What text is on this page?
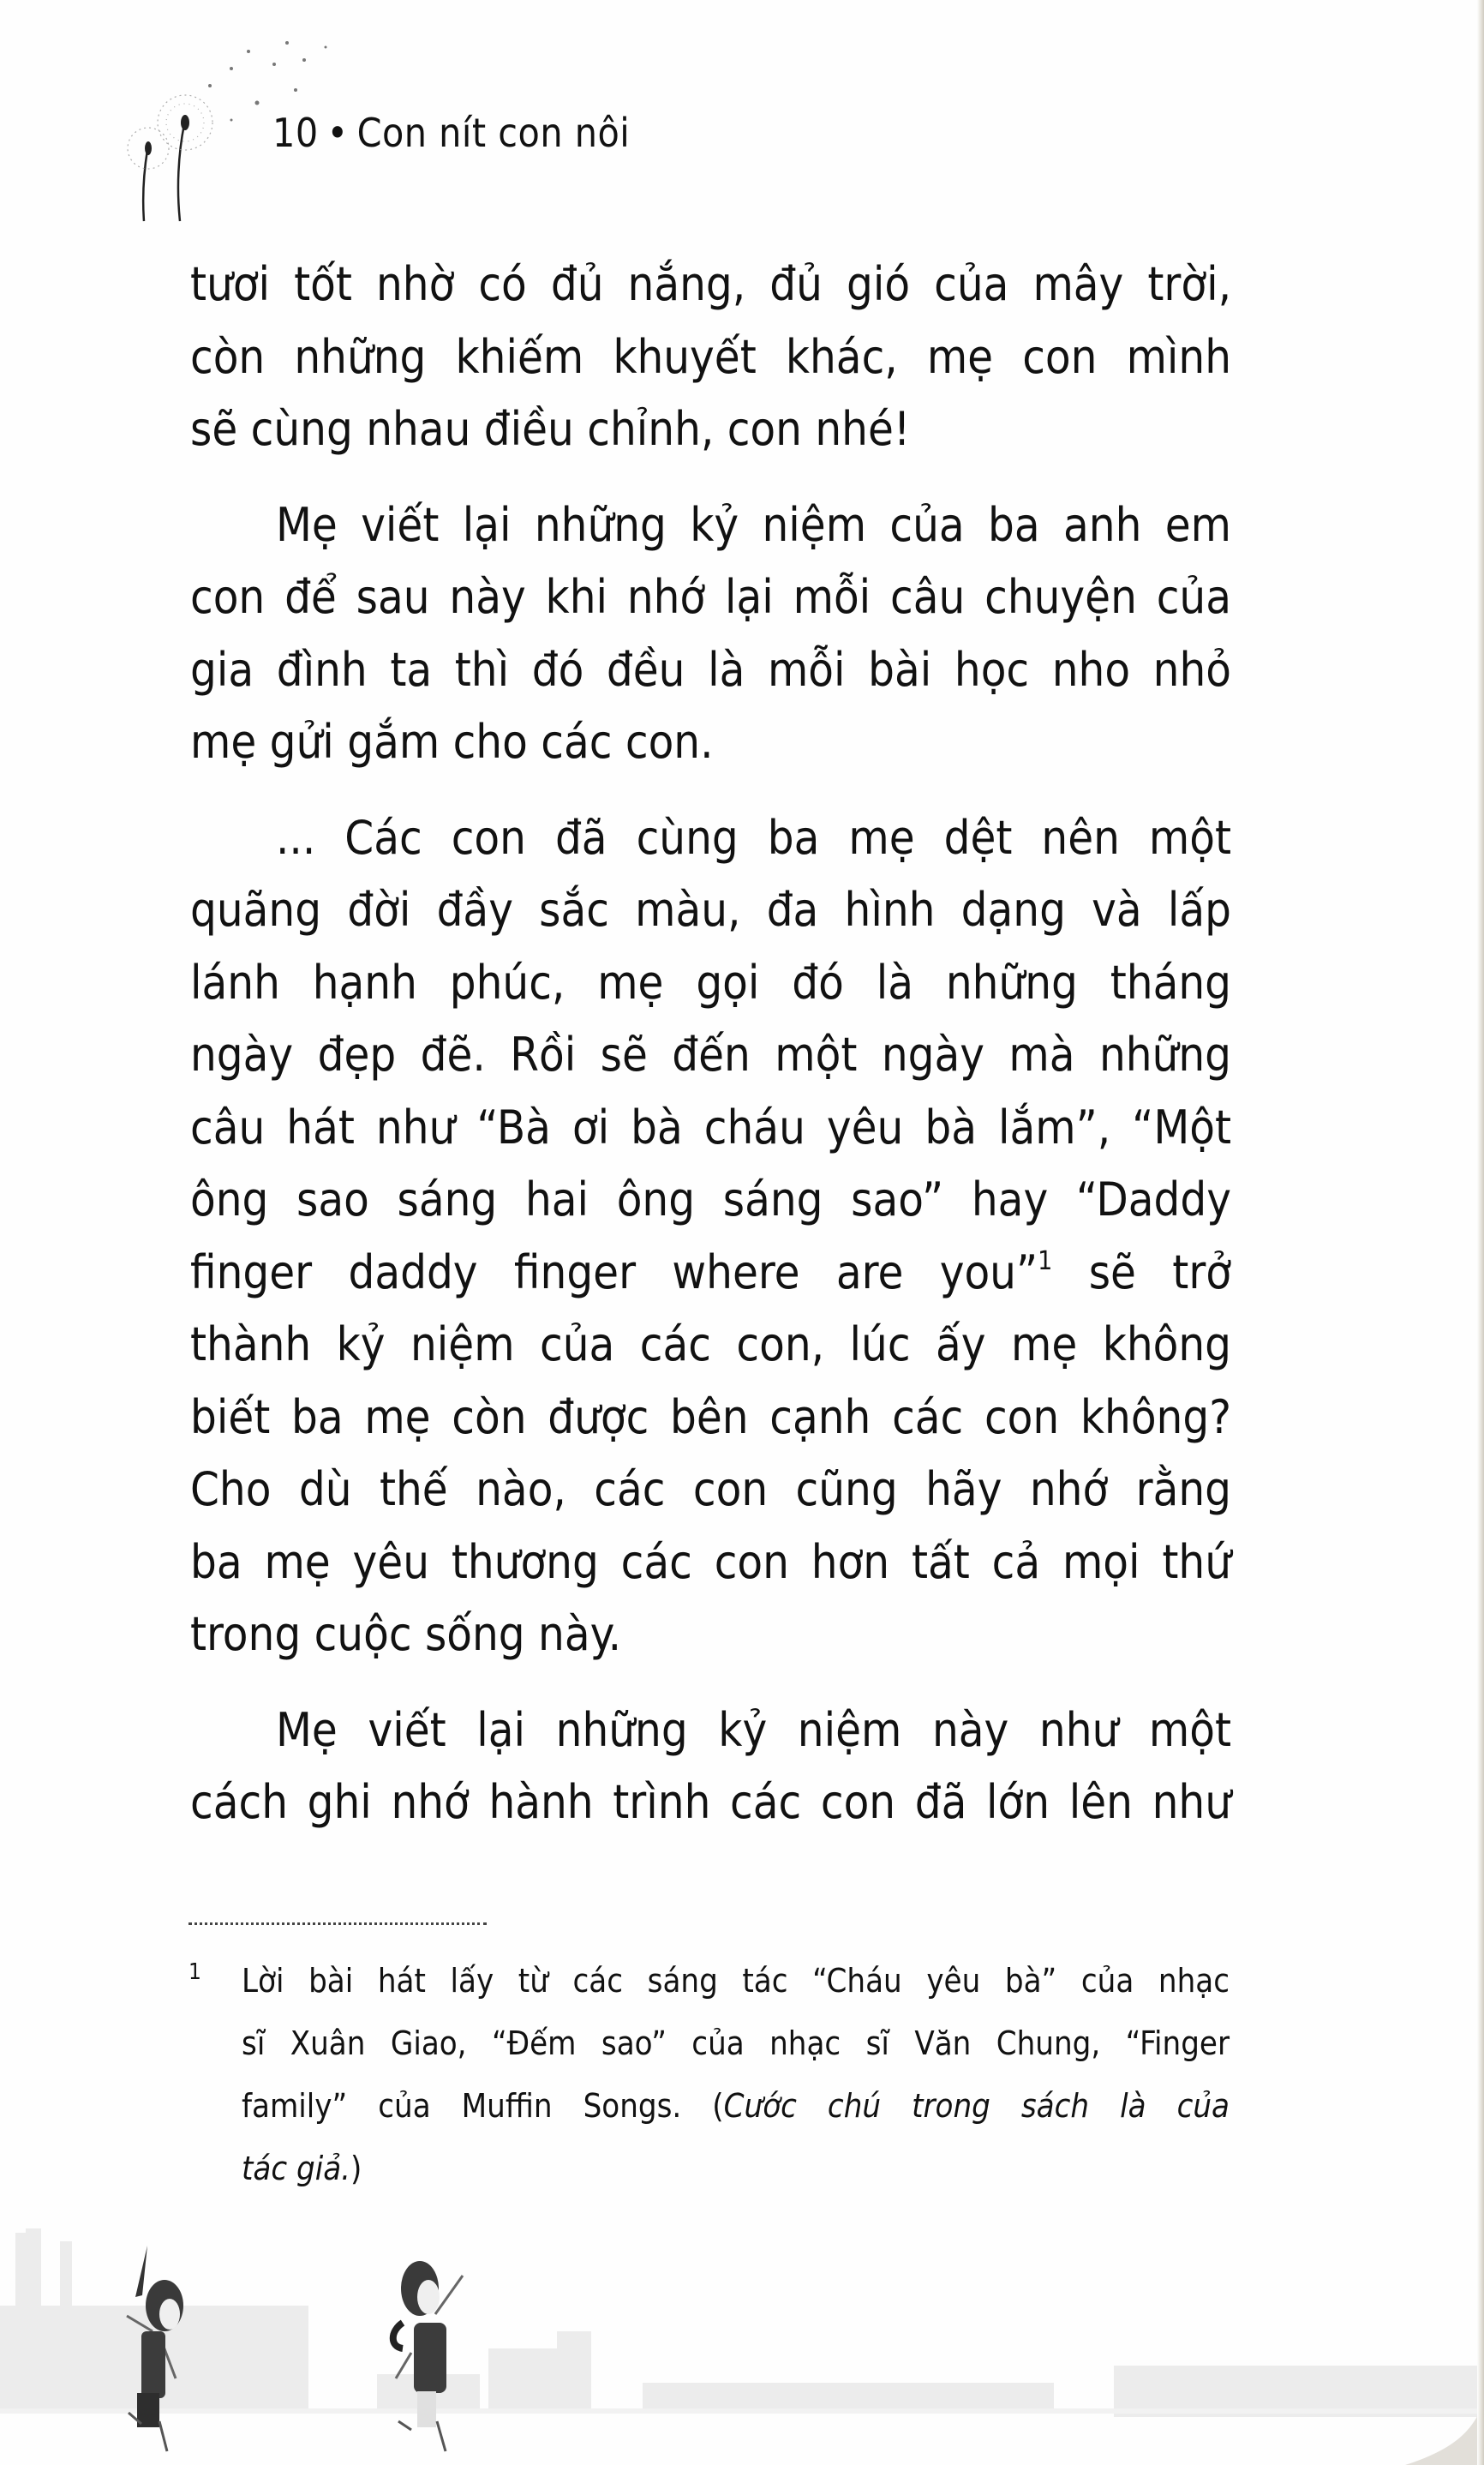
10 • Con nít con nôi

tươi tốt nhờ có đủ nắng, đủ gió của mây trời,
còn những khiếm khuyết khác, mẹ con mình
sẽ cùng nhau điều chỉnh, con nhé!

Mẹ viết lại những kỷ niệm của ba anh em
con để sau này khi nhớ lại mỗi câu chuyện của
gia đình ta thì đó đều là mỗi bài học nho nhỏ
mẹ gửi gắm cho các con.

... Các con đã cùng ba mẹ dệt nên một
quãng đời đầy sắc màu, đa hình dạng và lấp
lánh hạnh phúc, mẹ gọi đó là những tháng
ngày đẹp đẽ. Rồi sẽ đến một ngày mà những
câu hát như “Bà ơi bà cháu yêu bà lắm”, “Một
ông sao sáng hai ông sáng sao” hay “Daddy
finger daddy finger where are you”$^1$ sẽ trở
thành kỷ niệm của các con, lúc ấy mẹ không
biết ba mẹ còn được bên cạnh các con không?
Cho dù thế nào, các con cũng hãy nhớ rằng
ba mẹ yêu thương các con hơn tất cả mọi thứ
trong cuộc sống này.

Mẹ viết lại những kỷ niệm này như một
cách ghi nhớ hành trình các con đã lớn lên như

1 Lời bài hát lấy từ các sáng tác “Cháu yêu bà” của nhạc
sĩ Xuân Giao, “Đếm sao” của nhạc sĩ Văn Chung, “Finger
family” của Muffin Songs. (Cước chú trong sách là của
tác giả.)
